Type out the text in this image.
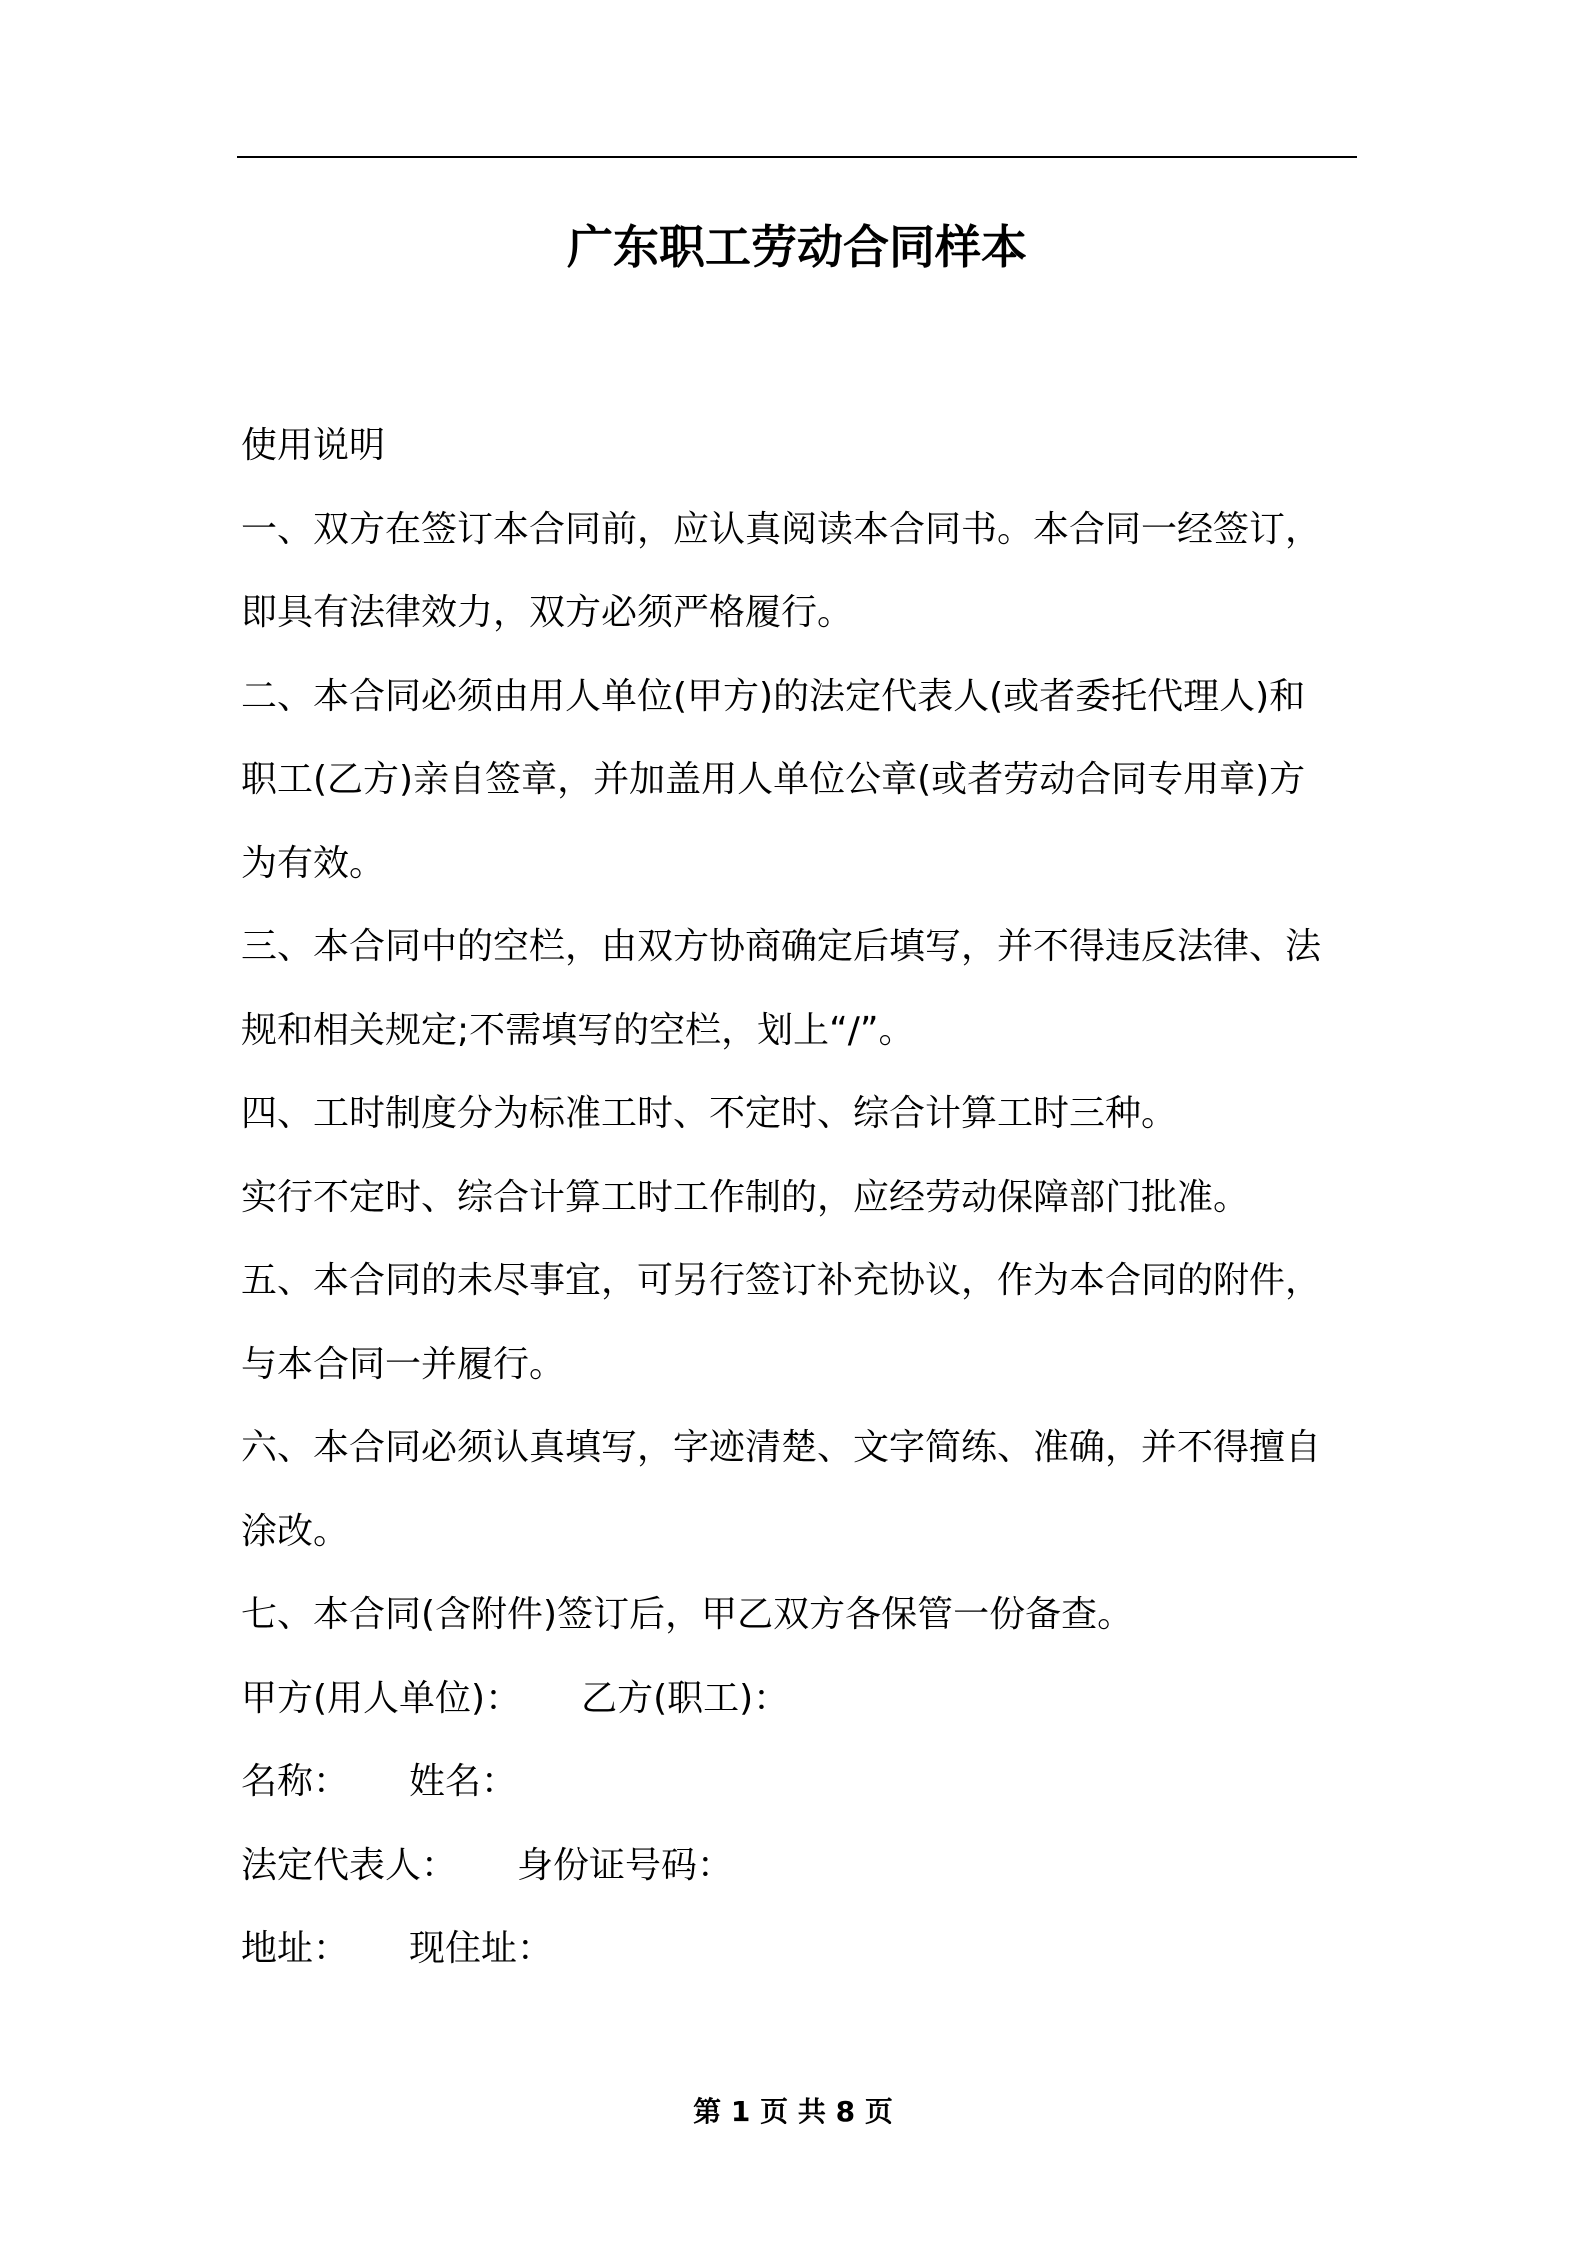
广东职工劳动合同样本
使用说明
一、双方在签订本合同前，应认真阅读本合同书。本合同一经签订，
即具有法律效力，双方必须严格履行。
二、本合同必须由用人单位(甲方)的法定代表人(或者委托代理人)和
职工(乙方)亲自签章，并加盖用人单位公章(或者劳动合同专用章)方
为有效。
三、本合同中的空栏，由双方协商确定后填写，并不得违反法律、法
规和相关规定;不需填写的空栏，划上“/”。
四、工时制度分为标准工时、不定时、综合计算工时三种。
实行不定时、综合计算工时工作制的，应经劳动保障部门批准。
五、本合同的未尽事宜，可另行签订补充协议，作为本合同的附件，
与本合同一并履行。
六、本合同必须认真填写，字迹清楚、文字简练、准确，并不得擅自
涂改。
七、本合同(含附件)签订后，甲乙双方各保管一份备查。
甲方(用人单位)： 乙方(职工)：
名称： 姓名：
法定代表人： 身份证号码：
地址： 现住址：
第 1 页 共 8 页
